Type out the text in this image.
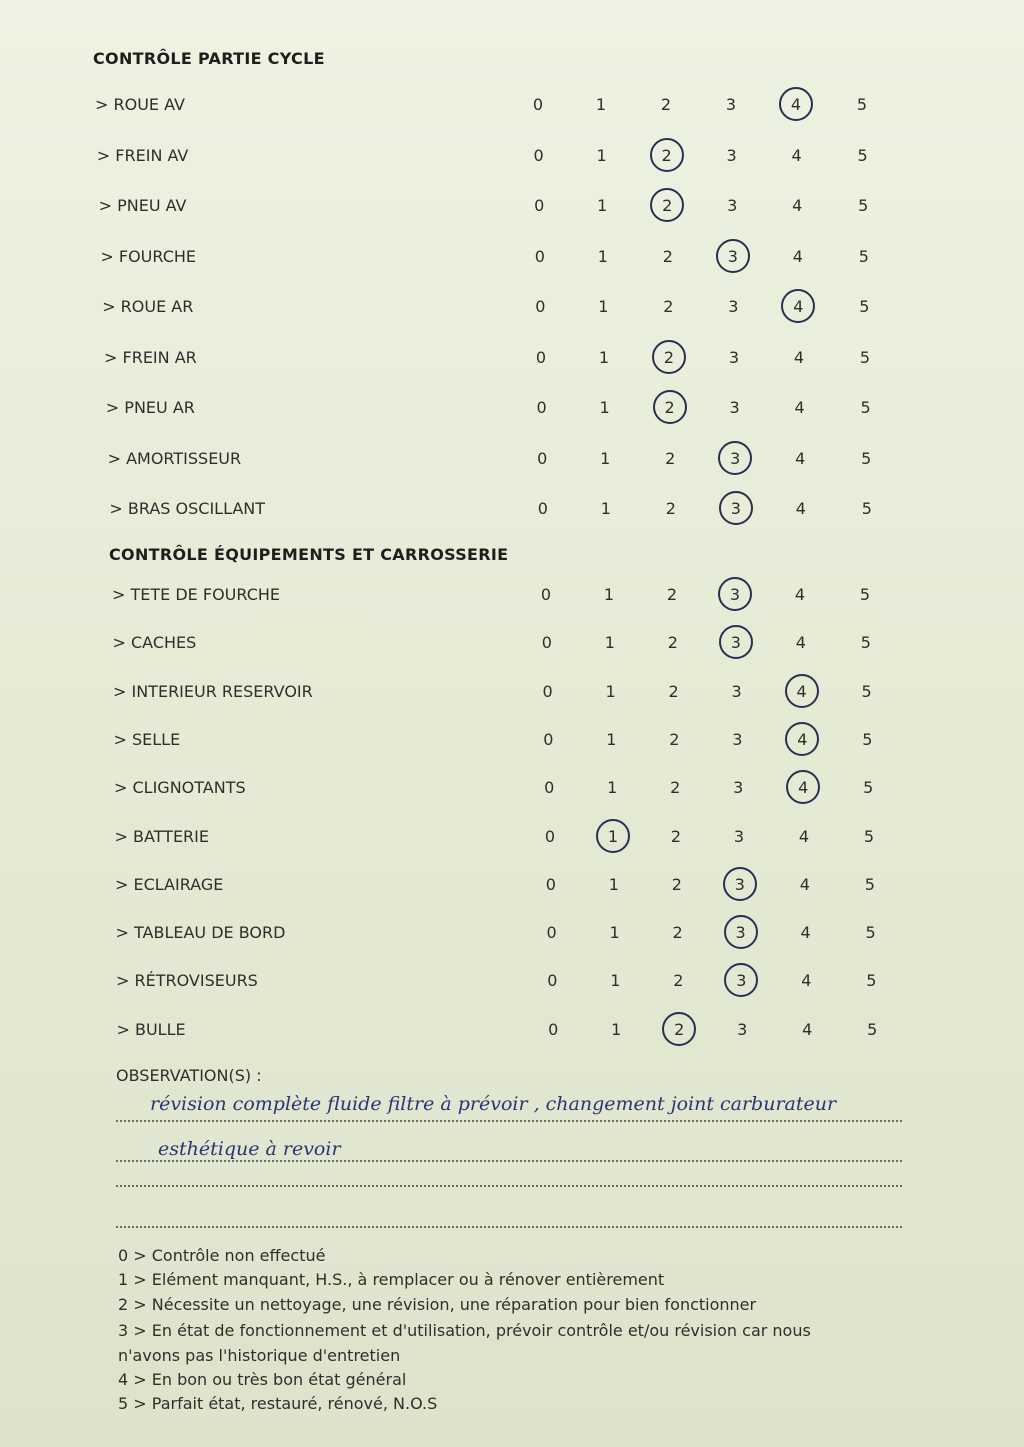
CONTRÔLE PARTIE CYCLE
> ROUE AV	0	1	2	3	4	5
> FREIN AV	0	1	2	3	4	5
> PNEU AV	0	1	2	3	4	5
> FOURCHE	0	1	2	3	4	5
> ROUE AR	0	1	2	3	4	5
> FREIN AR	0	1	2	3	4	5
> PNEU AR	0	1	2	3	4	5
> AMORTISSEUR	0	1	2	3	4	5
> BRAS OSCILLANT	0	1	2	3	4	5
CONTRÔLE ÉQUIPEMENTS ET CARROSSERIE
> TETE DE FOURCHE	0	1	2	3	4	5
> CACHES	0	1	2	3	4	5
> INTERIEUR RESERVOIR	0	1	2	3	4	5
> SELLE	0	1	2	3	4	5
> CLIGNOTANTS	0	1	2	3	4	5
> BATTERIE	0	1	2	3	4	5
> ECLAIRAGE	0	1	2	3	4	5
> TABLEAU DE BORD	0	1	2	3	4	5
> RÉTROVISEURS	0	1	2	3	4	5
> BULLE	0	1	2	3	4	5
OBSERVATION(S) :
révision complète fluide filtre à prévoir , changement joint carburateur
esthétique à revoir
0 > Contrôle non effectué
1 > Elément manquant, H.S., à remplacer ou à rénover entièrement
2 > Nécessite un nettoyage, une révision, une réparation pour bien fonctionner
3 > En état de fonctionnement et d'utilisation, prévoir contrôle et/ou révision car nous
n'avons pas l'historique d'entretien
4 > En bon ou très bon état général
5 > Parfait état, restauré, rénové, N.O.S
